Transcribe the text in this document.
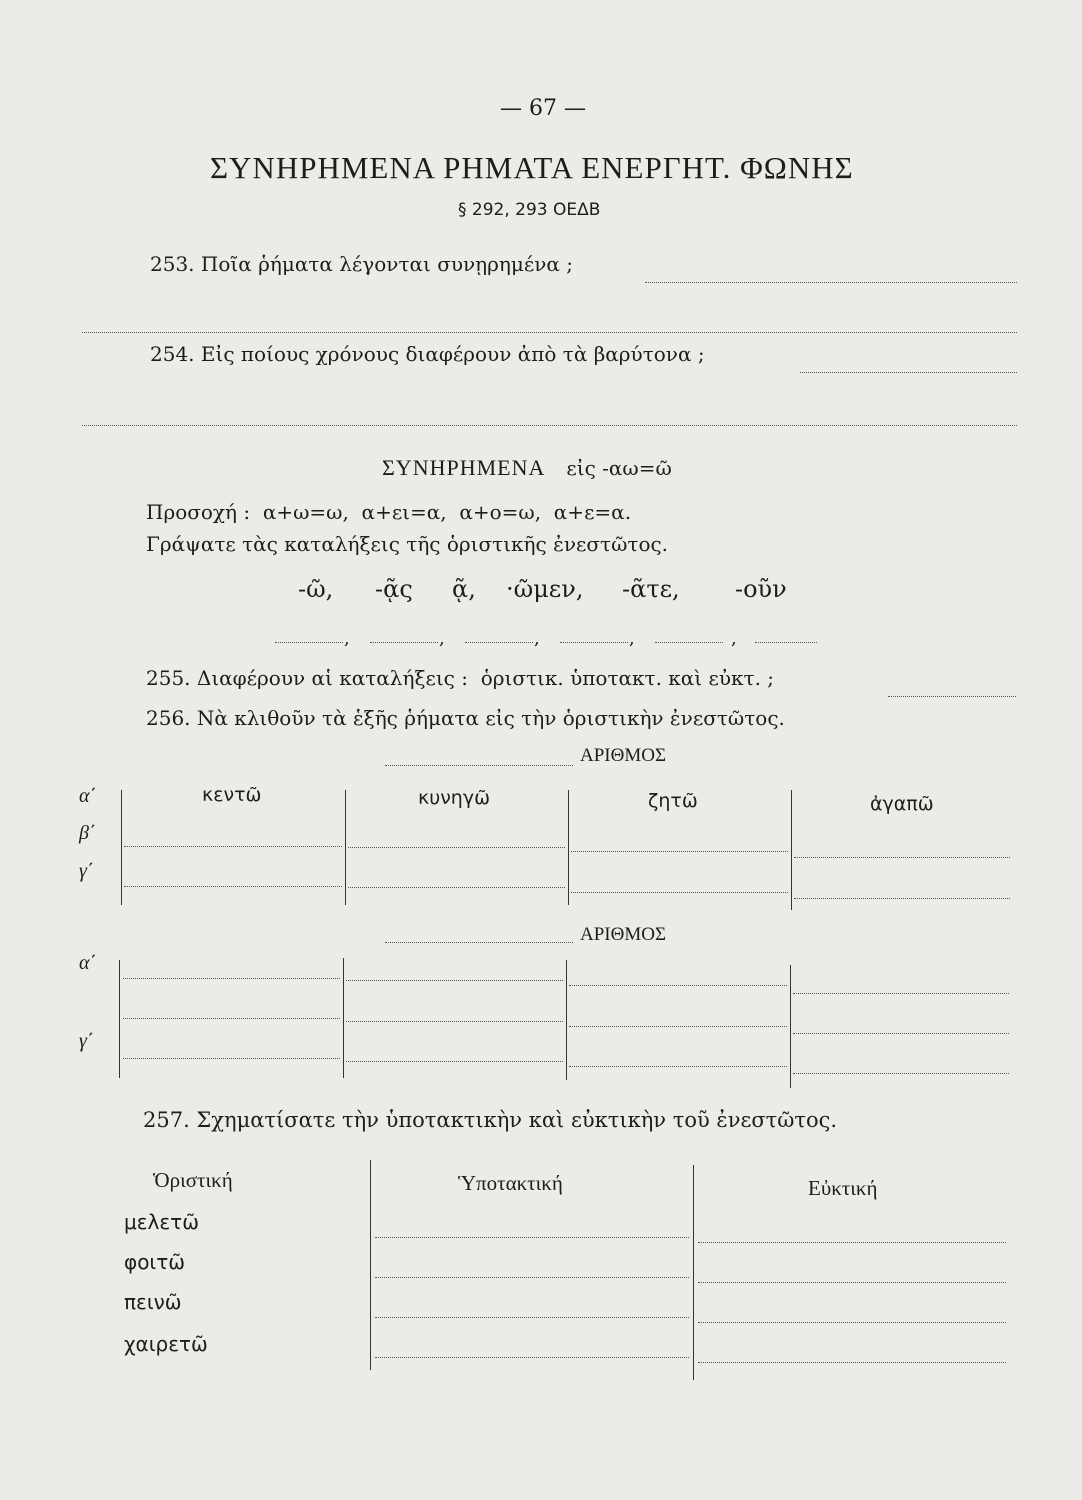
— 67 —
ΣΥΝΗΡΗΜΕΝΑ ΡΗΜΑΤΑ ΕΝΕΡΓΗΤ. ΦΩΝΗΣ
§ 292, 293 ΟΕΔΒ
253. Ποῖα ῥήματα λέγονται συνῃρημένα ;
254. Εἰς ποίους χρόνους διαφέρουν ἀπὸ τὰ βαρύτονα ;
ΣΥΝΗΡΗΜΕΝΑ εἰς -αω=ῶ
Προσοχή :  α+ω=ω,  α+ει=α,  α+ο=ω,  α+ε=α.
Γράψατε τὰς καταλήξεις τῆς ὁριστικῆς ἐνεστῶτος.
-ῶ, -ᾷς ᾷ, ·ῶμεν, -ᾶτε, -οῦν
,	,	,	,	,
255. Διαφέρουν αἱ καταλήξεις :  ὁριστικ. ὑποτακτ. καὶ εὐκτ. ;
256. Νὰ κλιθοῦν τὰ ἑξῆς ῥήματα εἰς τὴν ὁριστικὴν ἐνεστῶτος.
ΑΡΙΘΜΟΣ
α΄
β΄
γ΄
κεντῶ	κυνηγῶ	ζητῶ	ἀγαπῶ
ΑΡΙΘΜΟΣ
α΄
γ΄
257. Σχηματίσατε τὴν ὑποτακτικὴν καὶ εὐκτικὴν τοῦ ἐνεστῶτος.
Ὁριστική	Ὑποτακτική	Εὐκτική
μελετῶ
φοιτῶ
πεινῶ
χαιρετῶ
